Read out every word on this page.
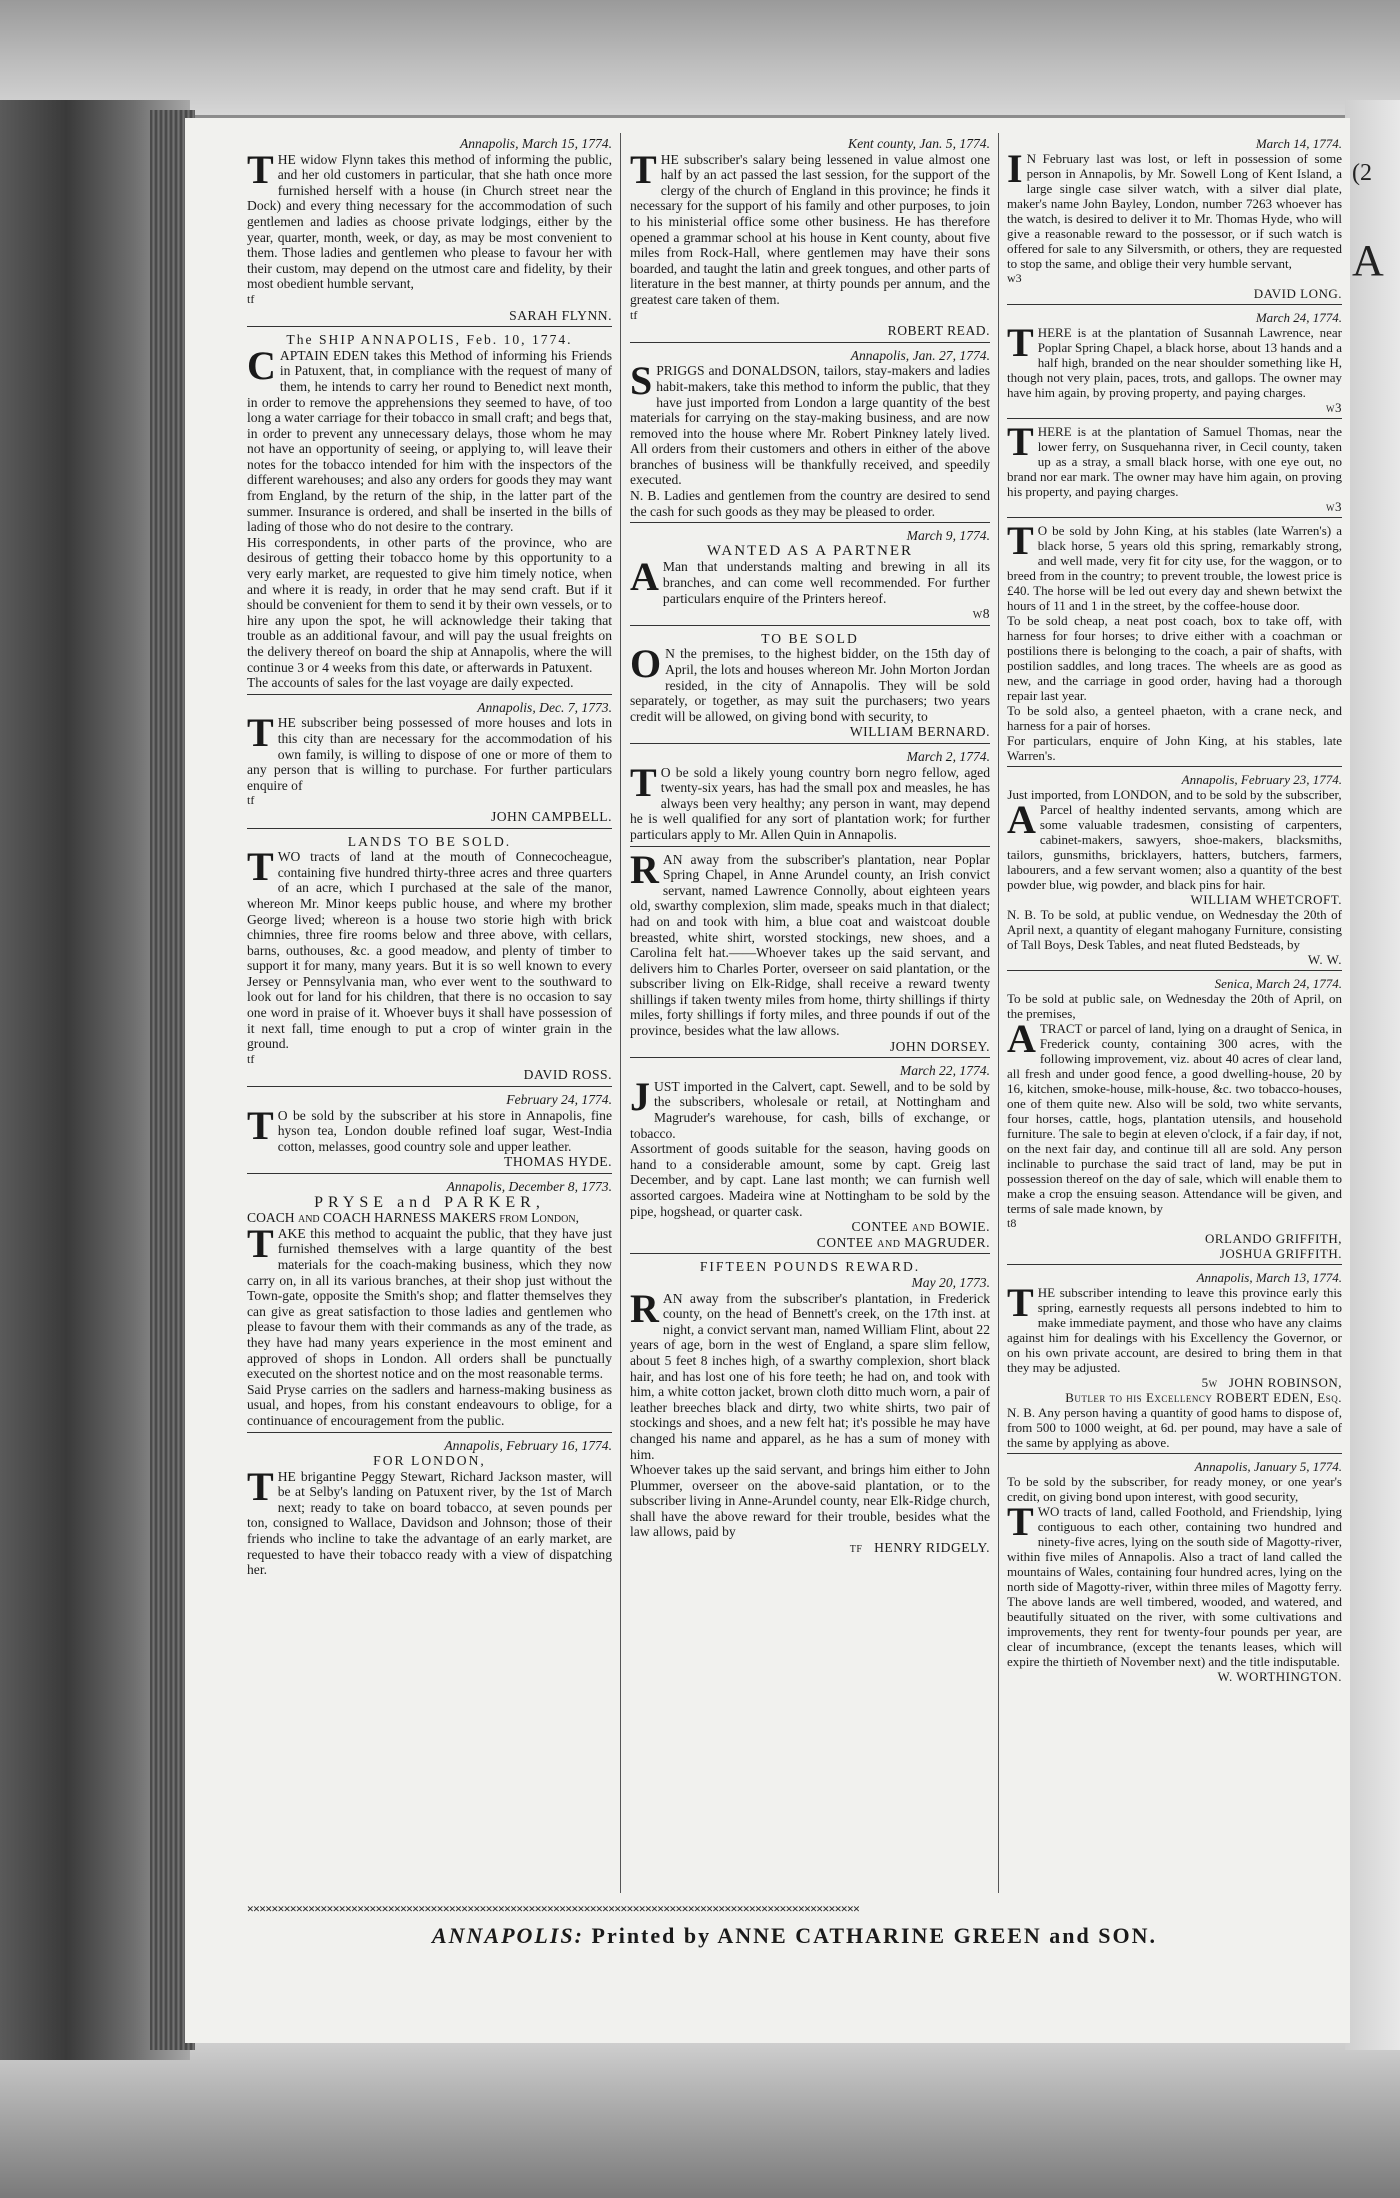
Annapolis, March 15, 1774.

THE widow Flynn takes this method of informing the public, and her old customers in particular, that she hath once more furnished herself with a house (in Church street near the Dock) and every thing necessary for the accommodation of such gentlemen and ladies as choose private lodgings, either by the year, quarter, month, week, or day, as may be most convenient to them. Those ladies and gentlemen who please to favour her with their custom, may depend on the utmost care and fidelity, by their most obedient humble servant,

tf

SARAH FLYNN.

The SHIP ANNAPOLIS, Feb. 10, 1774.

CAPTAIN EDEN takes this Method of informing his Friends in Patuxent, that, in compliance with the request of many of them, he intends to carry her round to Benedict next month, in order to remove the apprehensions they seemed to have, of too long a water carriage for their tobacco in small craft; and begs that, in order to prevent any unnecessary delays, those whom he may not have an opportunity of seeing, or applying to, will leave their notes for the tobacco intended for him with the inspectors of the different warehouses; and also any orders for goods they may want from England, by the return of the ship, in the latter part of the summer. Insurance is ordered, and shall be inserted in the bills of lading of those who do not desire to the contrary.

His correspondents, in other parts of the province, who are desirous of getting their tobacco home by this opportunity to a very early market, are requested to give him timely notice, when and where it is ready, in order that he may send craft. But if it should be convenient for them to send it by their own vessels, or to hire any upon the spot, he will acknowledge their taking that trouble as an additional favour, and will pay the usual freights on the delivery thereof on board the ship at Annapolis, where the will continue 3 or 4 weeks from this date, or afterwards in Patuxent.

The accounts of sales for the last voyage are daily expected.

Annapolis, Dec. 7, 1773.

THE subscriber being possessed of more houses and lots in this city than are necessary for the accommodation of his own family, is willing to dispose of one or more of them to any person that is willing to purchase. For further particulars enquire of

tf

JOHN CAMPBELL.

LANDS TO BE SOLD.

TWO tracts of land at the mouth of Connecocheague, containing five hundred thirty-three acres and three quarters of an acre, which I purchased at the sale of the manor, whereon Mr. Minor keeps public house, and where my brother George lived; whereon is a house two storie high with brick chimnies, three fire rooms below and three above, with cellars, barns, outhouses, &c. a good meadow, and plenty of timber to support it for many, many years. But it is so well known to every Jersey or Pennsylvania man, who ever went to the southward to look out for land for his children, that there is no occasion to say one word in praise of it. Whoever buys it shall have possession of it next fall, time enough to put a crop of winter grain in the ground.

tf

DAVID ROSS.

February 24, 1774.

T O be sold by the subscriber at his store in Annapolis, fine hyson tea, London double refined loaf sugar, West-India cotton, melasses, good country sole and upper leather.

THOMAS HYDE.

Annapolis, December 8, 1773.

PRYSE and PARKER,

COACH and COACH HARNESS MAKERS from London,

TAKE this method to acquaint the public, that they have just furnished themselves with a large quantity of the best materials for the coach-making business, which they now carry on, in all its various branches, at their shop just without the Town-gate, opposite the Smith's shop; and flatter themselves they can give as great satisfaction to those ladies and gentlemen who please to favour them with their commands as any of the trade, as they have had many years experience in the most eminent and approved of shops in London. All orders shall be punctually executed on the shortest notice and on the most reasonable terms.

Said Pryse carries on the sadlers and harness-making business as usual, and hopes, from his constant endeavours to oblige, for a continuance of encouragement from the public.

Annapolis, February 16, 1774.

FOR LONDON,

THE brigantine Peggy Stewart, Richard Jackson master, will be at Selby's landing on Patuxent river, by the 1st of March next; ready to take on board tobacco, at seven pounds per ton, consigned to Wallace, Davidson and Johnson; those of their friends who incline to take the advantage of an early market, are requested to have their tobacco ready with a view of dispatching her.

Kent county, Jan. 5, 1774.

THE subscriber's salary being lessened in value almost one half by an act passed the last session, for the support of the clergy of the church of England in this province; he finds it necessary for the support of his family and other purposes, to join to his ministerial office some other business. He has therefore opened a grammar school at his house in Kent county, about five miles from Rock-Hall, where gentlemen may have their sons boarded, and taught the latin and greek tongues, and other parts of literature in the best manner, at thirty pounds per annum, and the greatest care taken of them.

tf

ROBERT READ.

Annapolis, Jan. 27, 1774.

SPRIGGS and DONALDSON, tailors, stay-makers and ladies habit-makers, take this method to inform the public, that they have just imported from London a large quantity of the best materials for carrying on the stay-making business, and are now removed into the house where Mr. Robert Pinkney lately lived. All orders from their customers and others in either of the above branches of business will be thankfully received, and speedily executed.

N. B. Ladies and gentlemen from the country are desired to send the cash for such goods as they may be pleased to order.

March 9, 1774.

WANTED AS A PARTNER

A Man that understands malting and brewing in all its branches, and can come well recommended. For further particulars enquire of the Printers hereof.

w8

TO BE SOLD

O N the premises, to the highest bidder, on the 15th day of April, the lots and houses whereon Mr. John Morton Jordan resided, in the city of Annapolis. They will be sold separately, or together, as may suit the purchasers; two years credit will be allowed, on giving bond with security, to

WILLIAM BERNARD.

March 2, 1774.

T O be sold a likely young country born negro fellow, aged twenty-six years, has had the small pox and measles, he has always been very healthy; any person in want, may depend he is well qualified for any sort of plantation work; for further particulars apply to Mr. Allen Quin in Annapolis.

RAN away from the subscriber's plantation, near Poplar Spring Chapel, in Anne Arundel county, an Irish convict servant, named Lawrence Connolly, about eighteen years old, swarthy complexion, slim made, speaks much in that dialect; had on and took with him, a blue coat and waistcoat double breasted, white shirt, worsted stockings, new shoes, and a Carolina felt hat.——Whoever takes up the said servant, and delivers him to Charles Porter, overseer on said plantation, or the subscriber living on Elk-Ridge, shall receive a reward twenty shillings if taken twenty miles from home, thirty shillings if thirty miles, forty shillings if forty miles, and three pounds if out of the province, besides what the law allows.

JOHN DORSEY.

March 22, 1774.

JUST imported in the Calvert, capt. Sewell, and to be sold by the subscribers, wholesale or retail, at Nottingham and Magruder's warehouse, for cash, bills of exchange, or tobacco.

Assortment of goods suitable for the season, having goods on hand to a considerable amount, some by capt. Greig last December, and by capt. Lane last month; we can furnish well assorted cargoes. Madeira wine at Nottingham to be sold by the pipe, hogshead, or quarter cask.

CONTEE and BOWIE.

CONTEE and MAGRUDER.

FIFTEEN POUNDS REWARD.

May 20, 1773.

RAN away from the subscriber's plantation, in Frederick county, on the head of Bennett's creek, on the 17th inst. at night, a convict servant man, named William Flint, about 22 years of age, born in the west of England, a spare slim fellow, about 5 feet 8 inches high, of a swarthy complexion, short black hair, and has lost one of his fore teeth; he had on, and took with him, a white cotton jacket, brown cloth ditto much worn, a pair of leather breeches black and dirty, two white shirts, two pair of stockings and shoes, and a new felt hat; it's possible he may have changed his name and apparel, as he has a sum of money with him.

Whoever takes up the said servant, and brings him either to John Plummer, overseer on the above-said plantation, or to the subscriber living in Anne-Arundel county, near Elk-Ridge church, shall have the above reward for their trouble, besides what the law allows, paid by

tf HENRY RIDGELY.

March 14, 1774.

I N February last was lost, or left in possession of some person in Annapolis, by Mr. Sowell Long of Kent Island, a large single case silver watch, with a silver dial plate, maker's name John Bayley, London, number 7263 whoever has the watch, is desired to deliver it to Mr. Thomas Hyde, who will give a reasonable reward to the possessor, or if such watch is offered for sale to any Silversmith, or others, they are requested to stop the same, and oblige their very humble servant,

w3

DAVID LONG.

March 24, 1774.

THERE is at the plantation of Susannah Lawrence, near Poplar Spring Chapel, a black horse, about 13 hands and a half high, branded on the near shoulder something like H, though not very plain, paces, trots, and gallops. The owner may have him again, by proving property, and paying charges.

w3

THERE is at the plantation of Samuel Thomas, near the lower ferry, on Susquehanna river, in Cecil county, taken up as a stray, a small black horse, with one eye out, no brand nor ear mark. The owner may have him again, on proving his property, and paying charges.

w3

T O be sold by John King, at his stables (late Warren's) a black horse, 5 years old this spring, remarkably strong, and well made, very fit for city use, for the waggon, or to breed from in the country; to prevent trouble, the lowest price is £40. The horse will be led out every day and shewn betwixt the hours of 11 and 1 in the street, by the coffee-house door.

To be sold cheap, a neat post coach, box to take off, with harness for four horses; to drive either with a coachman or postilions there is belonging to the coach, a pair of shafts, with postilion saddles, and long traces. The wheels are as good as new, and the carriage in good order, having had a thorough repair last year.

To be sold also, a genteel phaeton, with a crane neck, and harness for a pair of horses.

For particulars, enquire of John King, at his stables, late Warren's.

Annapolis, February 23, 1774.

Just imported, from LONDON, and to be sold by the subscriber,

A Parcel of healthy indented servants, among which are some valuable tradesmen, consisting of carpenters, cabinet-makers, sawyers, shoe-makers, blacksmiths, tailors, gunsmiths, bricklayers, hatters, butchers, farmers, labourers, and a few servant women; also a quantity of the best powder blue, wig powder, and black pins for hair.

WILLIAM WHETCROFT.

N. B. To be sold, at public vendue, on Wednesday the 20th of April next, a quantity of elegant mahogany Furniture, consisting of Tall Boys, Desk Tables, and neat fluted Bedsteads, by

W. W.

Senica, March 24, 1774.

To be sold at public sale, on Wednesday the 20th of April, on the premises,

ATRACT or parcel of land, lying on a draught of Senica, in Frederick county, containing 300 acres, with the following improvement, viz. about 40 acres of clear land, all fresh and under good fence, a good dwelling-house, 20 by 16, kitchen, smoke-house, milk-house, &c. two tobacco-houses, one of them quite new. Also will be sold, two white servants, four horses, cattle, hogs, plantation utensils, and household furniture. The sale to begin at eleven o'clock, if a fair day, if not, on the next fair day, and continue till all are sold. Any person inclinable to purchase the said tract of land, may be put in possession thereof on the day of sale, which will enable them to make a crop the ensuing season. Attendance will be given, and terms of sale made known, by

t8

ORLANDO GRIFFITH,

JOSHUA GRIFFITH.

Annapolis, March 13, 1774.

THE subscriber intending to leave this province early this spring, earnestly requests all persons indebted to him to make immediate payment, and those who have any claims against him for dealings with his Excellency the Governor, or on his own private account, are desired to bring them in that they may be adjusted.

5w JOHN ROBINSON,

Butler to his Excellency ROBERT EDEN, Esq.

N. B. Any person having a quantity of good hams to dispose of, from 500 to 1000 weight, at 6d. per pound, may have a sale of the same by applying as above.

Annapolis, January 5, 1774.

To be sold by the subscriber, for ready money, or one year's credit, on giving bond upon interest, with good security,

TWO tracts of land, called Foothold, and Friendship, lying contiguous to each other, containing two hundred and ninety-five acres, lying on the south side of Magotty-river, within five miles of Annapolis. Also a tract of land called the mountains of Wales, containing four hundred acres, lying on the north side of Magotty-river, within three miles of Magotty ferry. The above lands are well timbered, wooded, and watered, and beautifully situated on the river, with some cultivations and improvements, they rent for twenty-four pounds per year, are clear of incumbrance, (except the tenants leases, which will expire the thirtieth of November next) and the title indisputable.

W. WORTHINGTON.

✕✕✕✕✕✕✕✕✕✕✕✕✕✕✕✕✕✕✕✕✕✕✕✕✕✕✕✕✕✕✕✕✕✕✕✕✕✕✕✕✕✕✕✕✕✕✕✕✕✕✕✕✕✕✕✕✕✕✕✕✕✕✕✕✕✕✕✕✕✕✕✕✕✕✕✕✕✕✕✕✕✕✕✕✕✕✕✕✕✕✕✕✕✕✕✕✕✕✕✕
ANNAPOLIS: Printed by ANNE CATHARINE GREEN and SON.
(2
A
